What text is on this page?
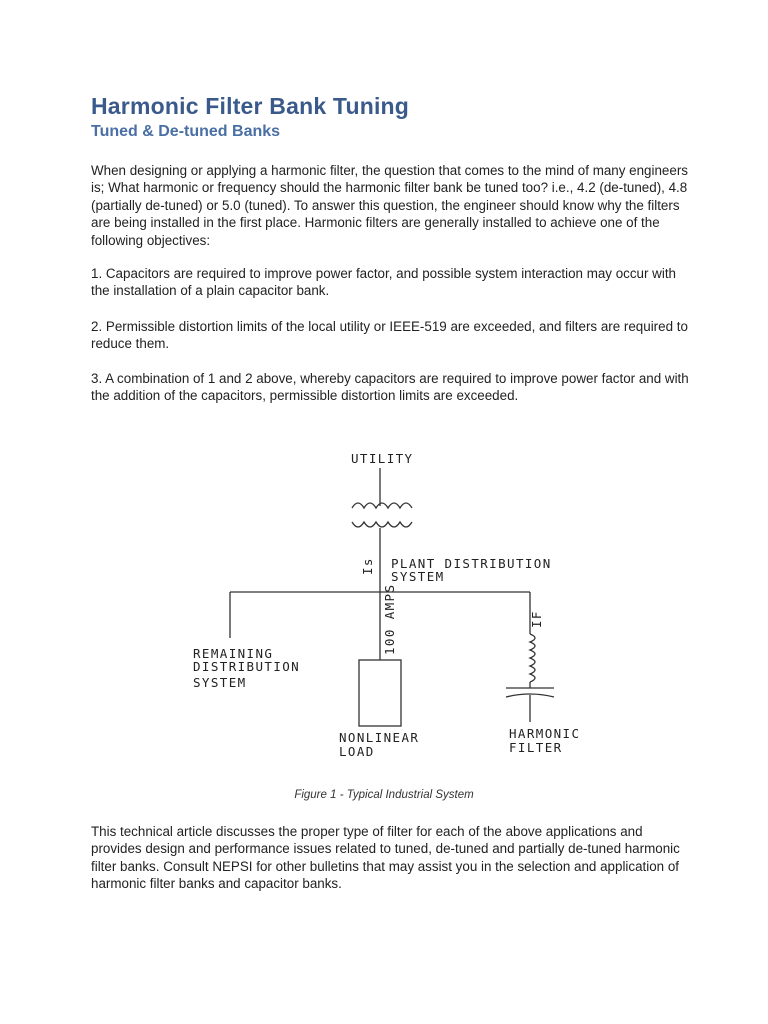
Harmonic Filter Bank Tuning
Tuned & De-tuned Banks

When designing or applying a harmonic filter, the question that comes to the mind of many engineers is; What harmonic or frequency should the harmonic filter bank be tuned too? i.e., 4.2 (de-tuned), 4.8 (partially de-tuned) or 5.0 (tuned). To answer this question, the engineer should know why the filters are being installed in the first place. Harmonic filters are generally installed to achieve one of the following objectives:

1. Capacitors are required to improve power factor, and possible system interaction may occur with the installation of a plain capacitor bank.

2. Permissible distortion limits of the local utility or IEEE-519 are exceeded, and filters are required to reduce them.

3. A combination of 1 and 2 above, whereby capacitors are required to improve power factor and with the addition of the capacitors, permissible distortion limits are exceeded.

UTILITY
Is PLANT DISTRIBUTION
SYSTEM
REMAINING
DISTRIBUTION
SYSTEM
100 AMPS
NONLINEAR
LOAD
IF
HARMONIC
FILTER

Figure 1 - Typical Industrial System

This technical article discusses the proper type of filter for each of the above applications and provides design and performance issues related to tuned, de-tuned and partially de-tuned harmonic filter banks. Consult NEPSI for other bulletins that may assist you in the selection and application of harmonic filter banks and capacitor banks.
